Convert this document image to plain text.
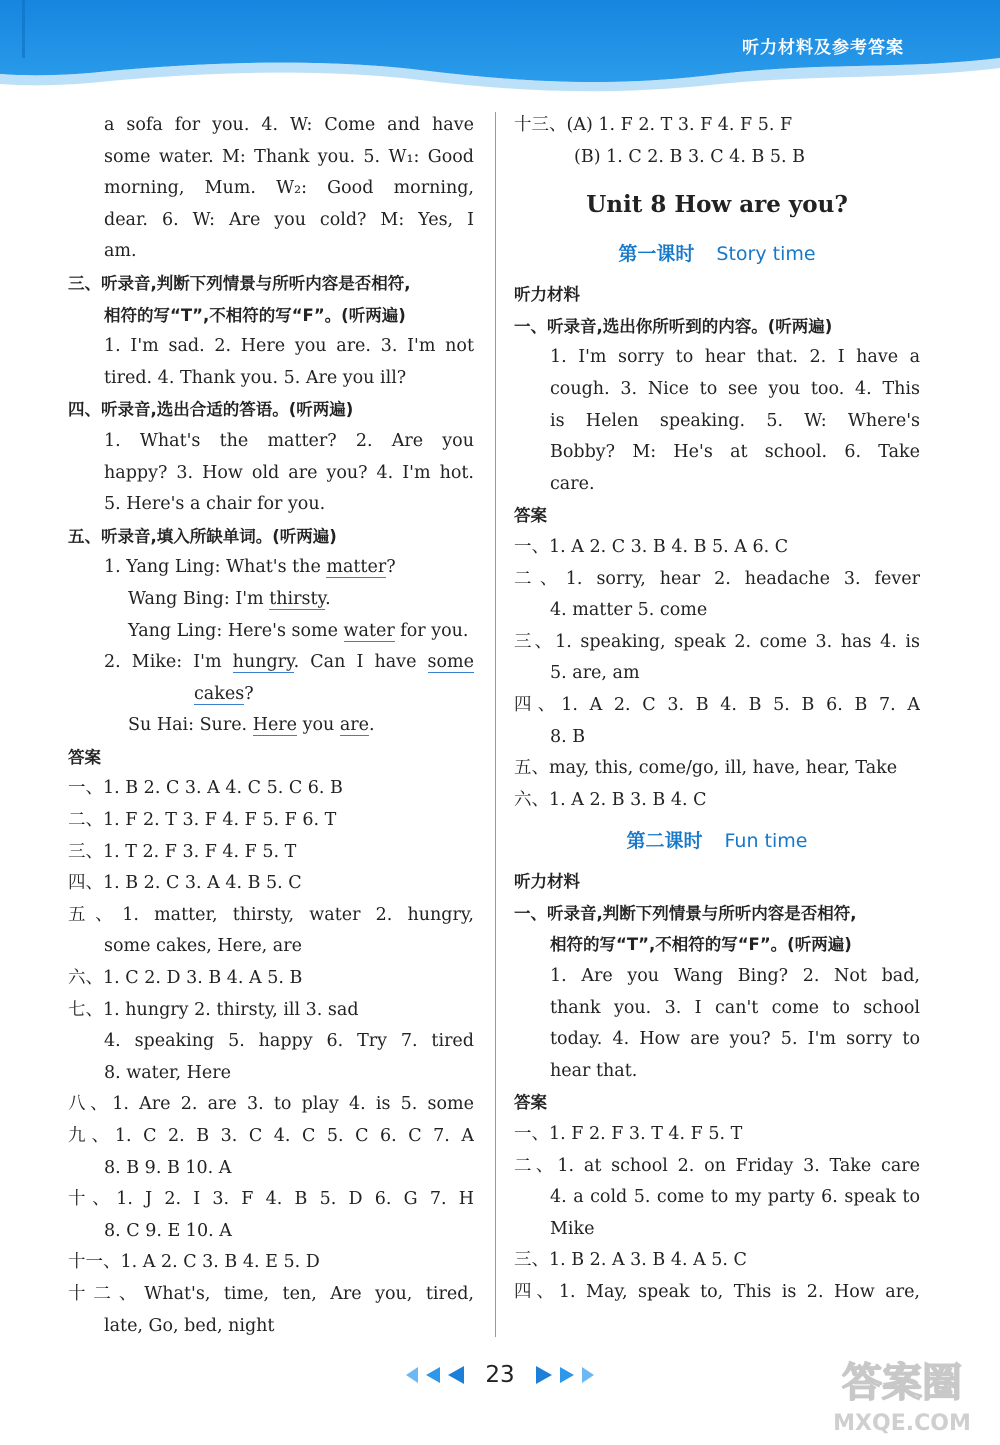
听力材料及参考答案
a sofa for you. 4. W: Come and have
some water. M: Thank you. 5. W₁: Good
morning, Mum. W₂: Good morning,
dear. 6. W: Are you cold? M: Yes, I
am.
三、听录音,判断下列情景与所听内容是否相符,
相符的写“T”,不相符的写“F”。(听两遍)
1. I'm sad. 2. Here you are. 3. I'm not
tired. 4. Thank you. 5. Are you ill?
四、听录音,选出合适的答语。(听两遍)
1. What's the matter? 2. Are you
happy? 3. How old are you? 4. I'm hot.
5. Here's a chair for you.
五、听录音,填入所缺单词。(听两遍)
1. Yang Ling: What's the matter?
Wang Bing: I'm thirsty.
Yang Ling: Here's some water for you.
2. Mike: I'm hungry. Can I have some
cakes?
Su Hai: Sure. Here you are.
答案
一、1. B 2. C 3. A 4. C 5. C 6. B
二、1. F 2. T 3. F 4. F 5. F 6. T
三、1. T 2. F 3. F 4. F 5. T
四、1. B 2. C 3. A 4. B 5. C
五、1. matter, thirsty, water 2. hungry,
some cakes, Here, are
六、1. C 2. D 3. B 4. A 5. B
七、1. hungry 2. thirsty, ill 3. sad
4. speaking 5. happy 6. Try 7. tired
8. water, Here
八、1. Are 2. are 3. to play 4. is 5. some
九、1. C 2. B 3. C 4. C 5. C 6. C 7. A
8. B 9. B 10. A
十、1. J 2. I 3. F 4. B 5. D 6. G 7. H
8. C 9. E 10. A
十一、1. A 2. C 3. B 4. E 5. D
十二、What's, time, ten, Are you, tired,
late, Go, bed, night
十三、(A) 1. F 2. T 3. F 4. F 5. F
(B) 1. C 2. B 3. C 4. B 5. B
Unit 8 How are you?
第一课时 Story time
听力材料
一、听录音,选出你所听到的内容。(听两遍)
1. I'm sorry to hear that. 2. I have a
cough. 3. Nice to see you too. 4. This
is Helen speaking. 5. W: Where's
Bobby? M: He's at school. 6. Take
care.
答案
一、1. A 2. C 3. B 4. B 5. A 6. C
二、1. sorry, hear 2. headache 3. fever
4. matter 5. come
三、1. speaking, speak 2. come 3. has 4. is
5. are, am
四、1. A 2. C 3. B 4. B 5. B 6. B 7. A
8. B
五、may, this, come/go, ill, have, hear, Take
六、1. A 2. B 3. B 4. C
第二课时 Fun time
听力材料
一、听录音,判断下列情景与所听内容是否相符,
相符的写“T”,不相符的写“F”。(听两遍)
1. Are you Wang Bing? 2. Not bad,
thank you. 3. I can't come to school
today. 4. How are you? 5. I'm sorry to
hear that.
答案
一、1. F 2. F 3. T 4. F 5. T
二、1. at school 2. on Friday 3. Take care
4. a cold 5. come to my party 6. speak to
Mike
三、1. B 2. A 3. B 4. A 5. C
四、1. May, speak to, This is 2. How are,
23	答案圈
MXQE.COM
